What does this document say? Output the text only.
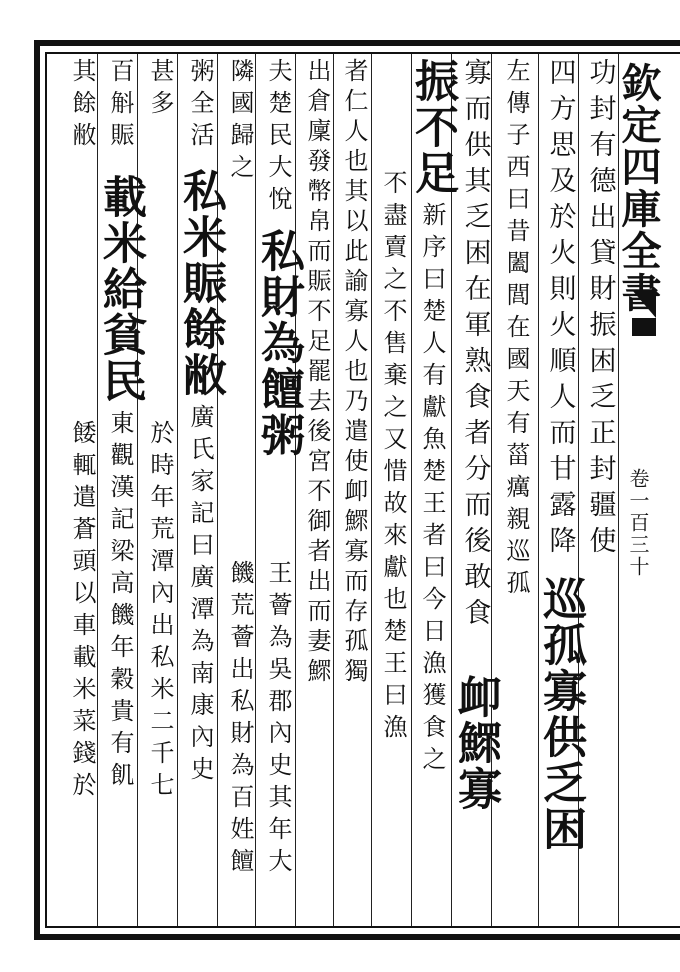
欽定四庫全書
卷一百三十
功封有德出貸財振困乏正封疆使
四方思及於火則火順人而甘露降
巡孤寡供乏困
左傳子西曰昔闔閭在國天有菑癘親巡孤
寡而供其乏困在軍熟食者分而後敢食
卹鰥寡
振不足
新序曰楚人有獻魚楚王者曰今日漁獲食之
不盡賣之不售棄之又惜故來獻也楚王曰漁
者仁人也其以此諭寡人也乃遣使卹鰥寡而存孤獨
出倉廩發幣帛而賑不足罷去後宮不御者出而妻鰥
夫楚民大悅
私財為饘粥
王薈為吳郡內史其年大
隣國歸之
饑荒薈出私財為百姓饘
粥全活
私米賑餘敝
廣氏家記曰廣潭為南康內史
甚多
於時年荒潭內出私米二千七
百斛賑
載米給貧民
東觀漢記梁高饑年穀貴有飢
其餘敝
餧輒遣蒼頭以車載米菜錢於
